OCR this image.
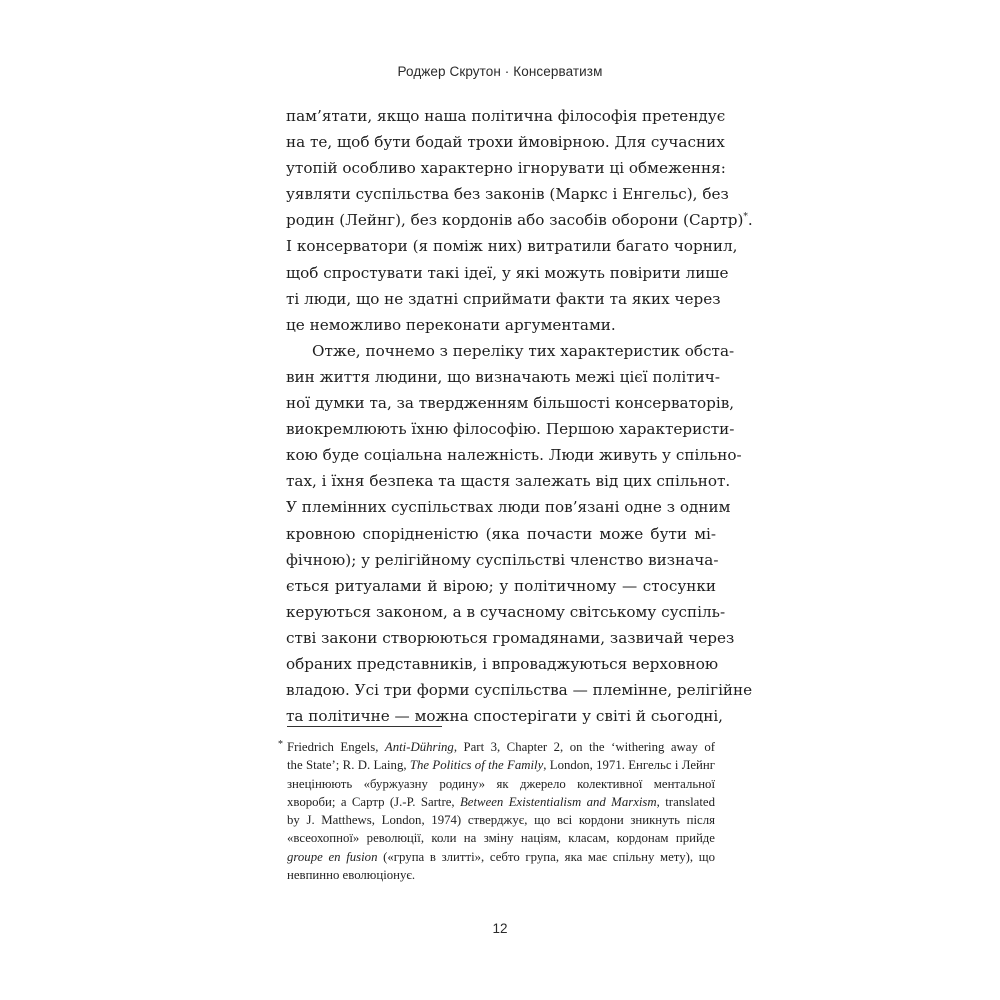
Роджер Скрутон · Консерватизм
пам’ятати, якщо наша політична філософія претендує
на те, щоб бути бодай трохи ймовірною. Для сучасних
утопій особливо характерно ігнорувати ці обмеження:
уявляти суспільства без законів (Маркс і Енгельс), без
родин (Лейнг), без кордонів або засобів оборони (Сартр)*.
І консерватори (я поміж них) витратили багато чорнил,
щоб спростувати такі ідеї, у які можуть повірити лише
ті люди, що не здатні сприймати факти та яких через
це неможливо переконати аргументами.
Отже, почнемо з переліку тих характеристик обста-
вин життя людини, що визначають межі цієї політич-
ної думки та, за твердженням більшості консерваторів,
виокремлюють їхню філософію. Першою характеристи-
кою буде соціальна належність. Люди живуть у спільно-
тах, і їхня безпека та щастя залежать від цих спільнот.
У племінних суспільствах люди пов’язані одне з одним
кровною спорідненістю (яка почасти може бути мі-
фічною); у релігійному суспільстві членство визнача-
ється ритуалами й вірою; у політичному — стосунки
керуються законом, а в сучасному світському суспіль-
стві закони створюються громадянами, зазвичай через
обраних представників, і впроваджуються верховною
владою. Усі три форми суспільства — племінне, релігійне
та політичне — можна спостерігати у світі й сьогодні,
* Friedrich Engels, Anti-Dühring, Part 3, Chapter 2, on the ‘withering away of
the State’; R. D. Laing, The Politics of the Family, London, 1971. Енгельс і Лейнг
знецінюють «буржуазну родину» як джерело колективної ментальної
хвороби; а Сартр (J.-P. Sartre, Between Existentialism and Marxism, translated
by J. Matthews, London, 1974) стверджує, що всі кордони зникнуть після
«всеохопної» революції, коли на зміну націям, класам, кордонам прийде
groupe en fusion («група в злитті», себто група, яка має спільну мету), що
невпинно еволюціонує.
12
